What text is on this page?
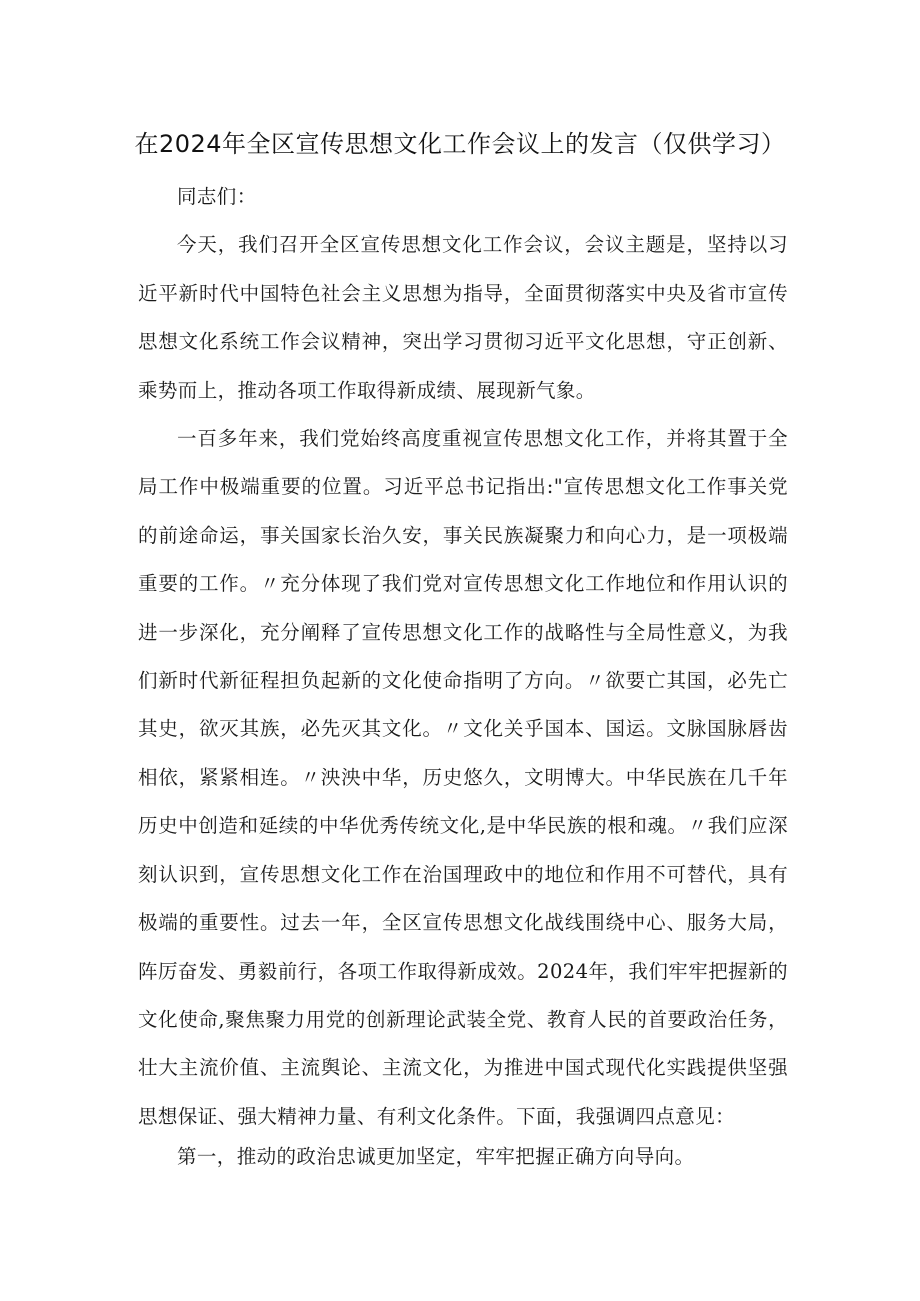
在2024年全区宣传思想文化工作会议上的发言（仅供学习）

同志们：

今天，我们召开全区宣传思想文化工作会议，会议主题是，坚持以习近平新时代中国特色社会主义思想为指导，全面贯彻落实中央及省市宣传思想文化系统工作会议精神，突出学习贯彻习近平文化思想，守正创新、乘势而上，推动各项工作取得新成绩、展现新气象。

一百多年来，我们党始终高度重视宣传思想文化工作，并将其置于全局工作中极端重要的位置。习近平总书记指出:"宣传思想文化工作事关党的前途命运，事关国家长治久安，事关民族凝聚力和向心力，是一项极端重要的工作。〃充分体现了我们党对宣传思想文化工作地位和作用认识的进一步深化，充分阐释了宣传思想文化工作的战略性与全局性意义，为我们新时代新征程担负起新的文化使命指明了方向。〃欲要亡其国，必先亡其史，欲灭其族，必先灭其文化。〃文化关乎国本、国运。文脉国脉唇齿相依，紧紧相连。〃泱泱中华，历史悠久，文明博大。中华民族在几千年历史中创造和延续的中华优秀传统文化,是中华民族的根和魂。〃我们应深刻认识到，宣传思想文化工作在治国理政中的地位和作用不可替代，具有极端的重要性。过去一年，全区宣传思想文化战线围绕中心、服务大局，阵厉奋发、勇毅前行，各项工作取得新成效。2024年，我们牢牢把握新的文化使命,聚焦聚力用党的创新理论武装全党、教育人民的首要政治任务，壮大主流价值、主流舆论、主流文化，为推进中国式现代化实践提供坚强思想保证、强大精神力量、有利文化条件。下面，我强调四点意见：

第一，推动的政治忠诚更加坚定，牢牢把握正确方向导向。
